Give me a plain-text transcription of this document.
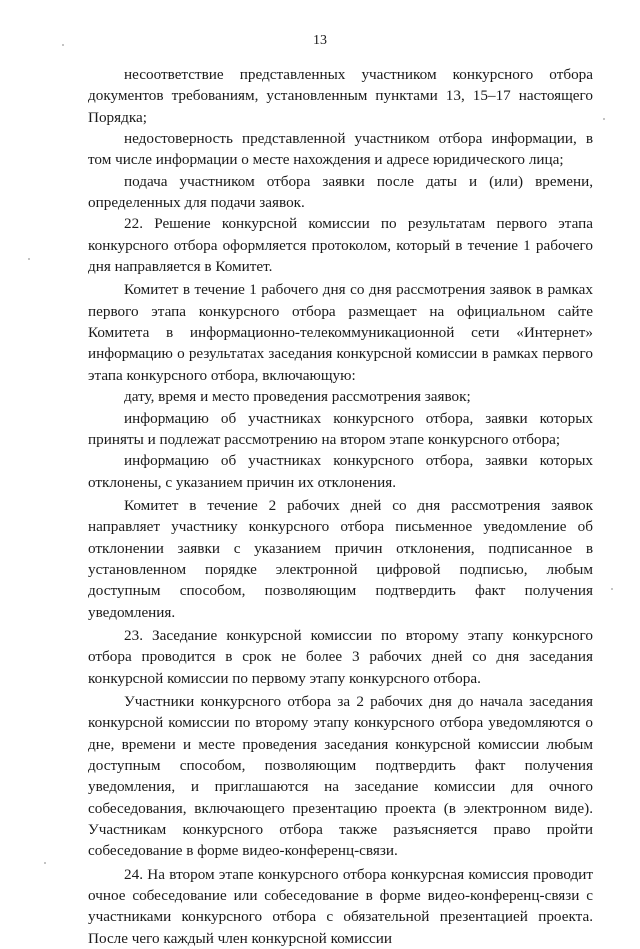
13

несоответствие представленных участником конкурсного отбора документов требованиям, установленным пунктами 13, 15–17 настоящего Порядка;

недостоверность представленной участником отбора информации, в том числе информации о месте нахождения и адресе юридического лица;

подача участником отбора заявки после даты и (или) времени, определенных для подачи заявок.

22. Решение конкурсной комиссии по результатам первого этапа конкурсного отбора оформляется протоколом, который в течение 1 рабочего дня направляется в Комитет.

Комитет в течение 1 рабочего дня со дня рассмотрения заявок в рамках первого этапа конкурсного отбора размещает на официальном сайте Комитета в информационно-телекоммуникационной сети «Интернет» информацию о результатах заседания конкурсной комиссии в рамках первого этапа конкурсного отбора, включающую:

дату, время и место проведения рассмотрения заявок;

информацию об участниках конкурсного отбора, заявки которых приняты и подлежат рассмотрению на втором этапе конкурсного отбора;

информацию об участниках конкурсного отбора, заявки которых отклонены, с указанием причин их отклонения.

Комитет в течение 2 рабочих дней со дня рассмотрения заявок направляет участнику конкурсного отбора письменное уведомление об отклонении заявки с указанием причин отклонения, подписанное в установленном порядке электронной цифровой подписью, любым доступным способом, позволяющим подтвердить факт получения уведомления.

23. Заседание конкурсной комиссии по второму этапу конкурсного отбора проводится в срок не более 3 рабочих дней со дня заседания конкурсной комиссии по первому этапу конкурсного отбора.

Участники конкурсного отбора за 2 рабочих дня до начала заседания конкурсной комиссии по второму этапу конкурсного отбора уведомляются о дне, времени и месте проведения заседания конкурсной комиссии любым доступным способом, позволяющим подтвердить факт получения уведомления, и приглашаются на заседание комиссии для очного собеседования, включающего презентацию проекта (в электронном виде). Участникам конкурсного отбора также разъясняется право пройти собеседование в форме видео-конференц-связи.

24. На втором этапе конкурсного отбора конкурсная комиссия проводит очное собеседование или собеседование в форме видео-конференц-связи с участниками конкурсного отбора с обязательной презентацией проекта. После чего каждый член конкурсной комиссии
